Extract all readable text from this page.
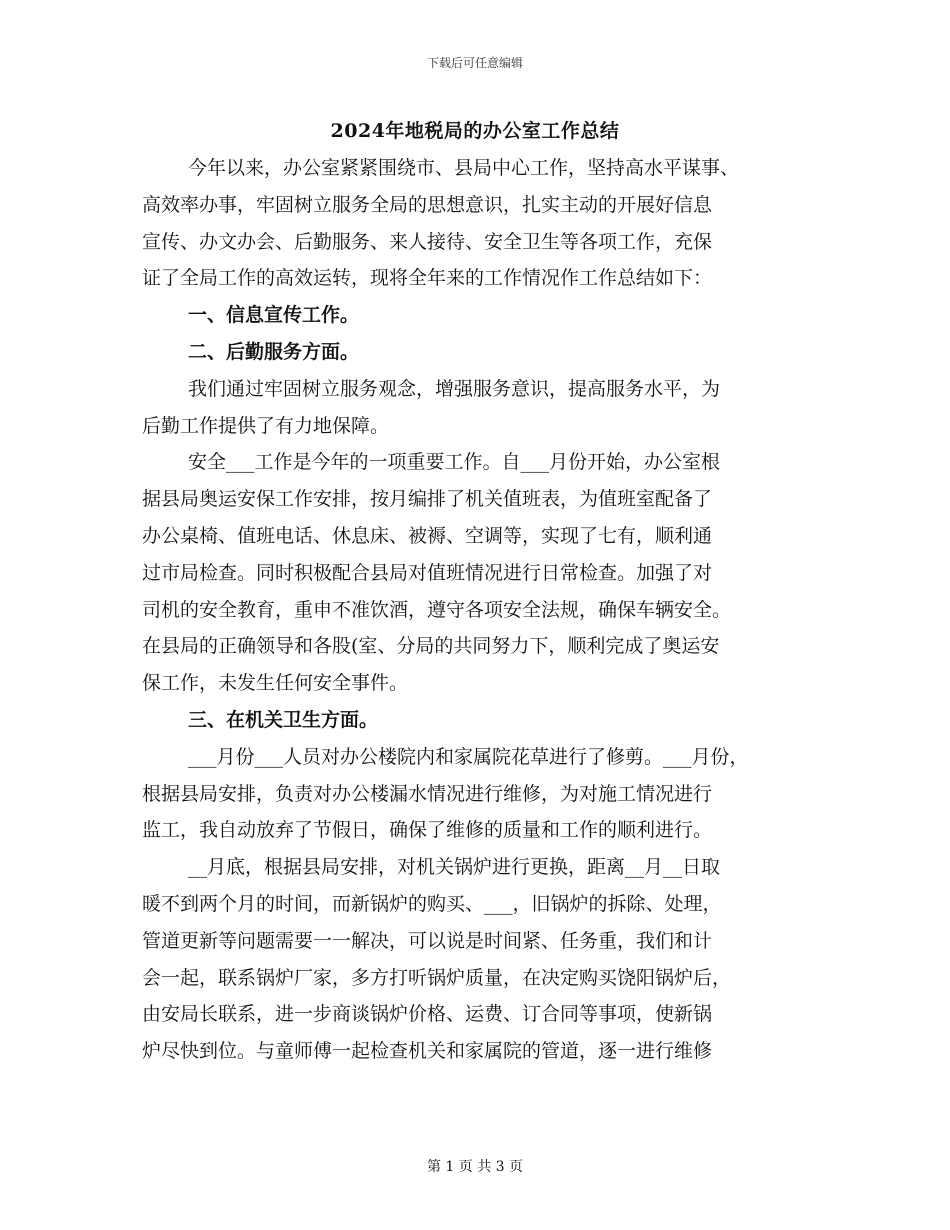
下载后可任意编辑
2024年地税局的办公室工作总结
今年以来，办公室紧紧围绕市、县局中心工作，坚持高水平谋事、
高效率办事，牢固树立服务全局的思想意识，扎实主动的开展好信息
宣传、办文办会、后勤服务、来人接待、安全卫生等各项工作，充保
证了全局工作的高效运转，现将全年来的工作情况作工作总结如下：
一、信息宣传工作。
二、后勤服务方面。
我们通过牢固树立服务观念，增强服务意识，提高服务水平，为
后勤工作提供了有力地保障。
安全___工作是今年的一项重要工作。自___月份开始，办公室根
据县局奥运安保工作安排，按月编排了机关值班表，为值班室配备了
办公桌椅、值班电话、休息床、被褥、空调等，实现了七有，顺利通
过市局检查。同时积极配合县局对值班情况进行日常检查。加强了对
司机的安全教育，重申不准饮酒，遵守各项安全法规，确保车辆安全。
在县局的正确领导和各股(室、分局的共同努力下，顺利完成了奥运安
保工作，未发生任何安全事件。
三、在机关卫生方面。
___月份___人员对办公楼院内和家属院花草进行了修剪。___月份，
根据县局安排，负责对办公楼漏水情况进行维修，为对施工情况进行
监工，我自动放弃了节假日，确保了维修的质量和工作的顺利进行。
__月底，根据县局安排，对机关锅炉进行更换，距离__月__日取
暖不到两个月的时间，而新锅炉的购买、___，旧锅炉的拆除、处理，
管道更新等问题需要一一解决，可以说是时间紧、任务重，我们和计
会一起，联系锅炉厂家，多方打听锅炉质量，在决定购买饶阳锅炉后，
由安局长联系，进一步商谈锅炉价格、运费、订合同等事项，使新锅
炉尽快到位。与童师傅一起检查机关和家属院的管道，逐一进行维修
第 1 页 共 3 页
